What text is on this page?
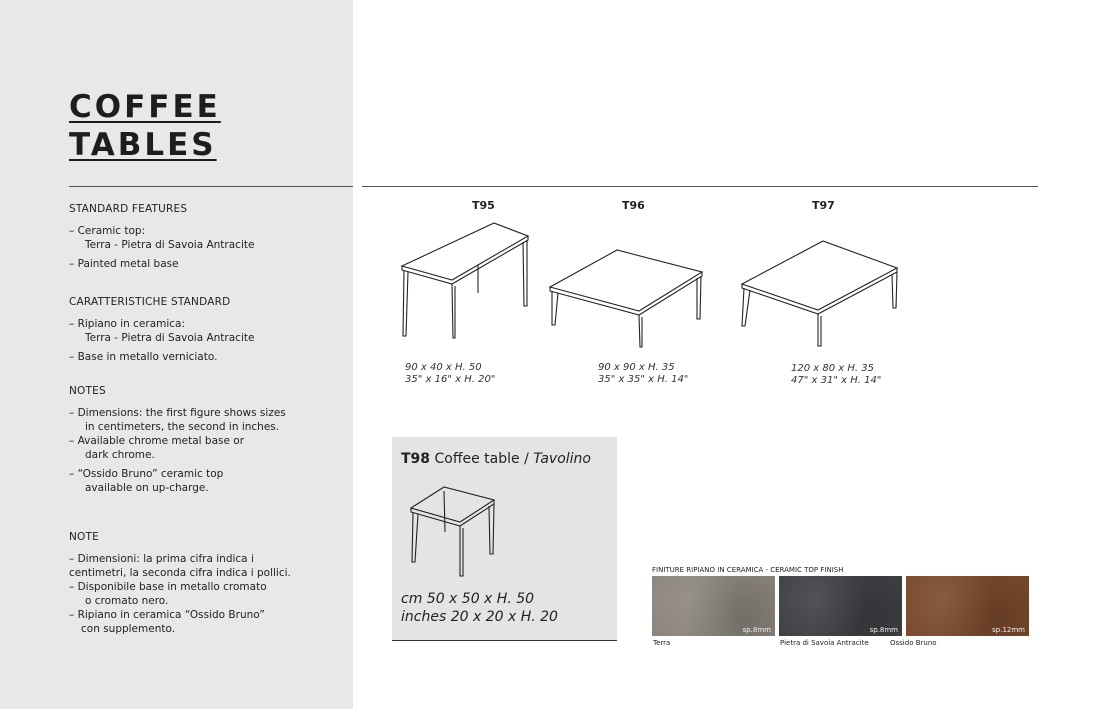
COFFEE
TABLES
STANDARD FEATURES
– Ceramic top:
Terra - Pietra di Savoia Antracite
– Painted metal base
CARATTERISTICHE STANDARD
– Ripiano in ceramica:
Terra - Pietra di Savoia Antracite
– Base in metallo verniciato.
NOTES
– Dimensions: the first figure shows sizes
in centimeters, the second in inches.
– Available chrome metal base or
dark chrome.
– “Ossido Bruno” ceramic top
available on up-charge.
NOTE
– Dimensioni: la prima cifra indica i
centimetri, la seconda cifra indica i pollici.
– Disponibile base in metallo cromato
o cromato nero.
– Ripiano in ceramica “Ossido Bruno”
con supplemento.
T95
90 x 40 x H. 50
35" x 16" x H. 20"
T96
90 x 90 x H. 35
35" x 35" x H. 14"
T97
120 x 80 x H. 35
47" x 31" x H. 14"
T98 Coffee table / Tavolino
cm 50 x 50 x H. 50
inches 20 x 20 x H. 20
FINITURE RIPIANO IN CERAMICA - CERAMIC TOP FINISH
sp.8mm	sp.8mm	sp.12mm
Terra	Pietra di Savoia Antracite	Ossido Bruno
